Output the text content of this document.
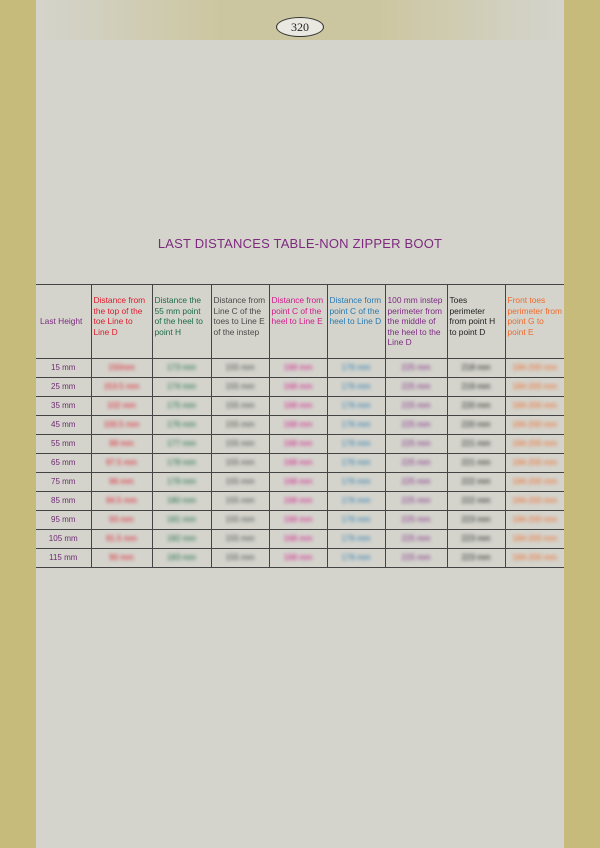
320
LAST DISTANCES TABLE-NON ZIPPER BOOT
Last Height	Distance from the top of the toe Line to Line D	Distance the 55 mm point of the heel to point H	Distance from Line C of the toes to Line E of the instep	Distance from point C of the heel to Line E	Distance form point C of the heel to Line D	100 mm instep perimeter from the middle of the heel to the Line D	Toes perimeter from point H to point D	Front toes perimeter from point G to point E
15 mm	150mm	173 mm	155 mm	168 mm	176 mm	225 mm	218 mm	184-200 mm
25 mm	153.5 mm	174 mm	155 mm	168 mm	176 mm	225 mm	219 mm	184-200 mm
35 mm	102 mm	175 mm	155 mm	168 mm	176 mm	225 mm	220 mm	184-200 mm
45 mm	100.5 mm	176 mm	155 mm	168 mm	176 mm	225 mm	220 mm	184-200 mm
55 mm	99 mm	177 mm	155 mm	168 mm	176 mm	225 mm	221 mm	184-200 mm
65 mm	97.5 mm	178 mm	155 mm	168 mm	176 mm	225 mm	221 mm	184-200 mm
75 mm	96 mm	179 mm	155 mm	168 mm	176 mm	225 mm	222 mm	184-200 mm
85 mm	94.5 mm	180 mm	155 mm	168 mm	176 mm	225 mm	222 mm	184-200 mm
95 mm	93 mm	181 mm	155 mm	168 mm	176 mm	225 mm	223 mm	184-200 mm
105 mm	91.5 mm	182 mm	155 mm	168 mm	176 mm	225 mm	223 mm	184-200 mm
115 mm	90 mm	183 mm	155 mm	168 mm	176 mm	225 mm	223 mm	184-200 mm
